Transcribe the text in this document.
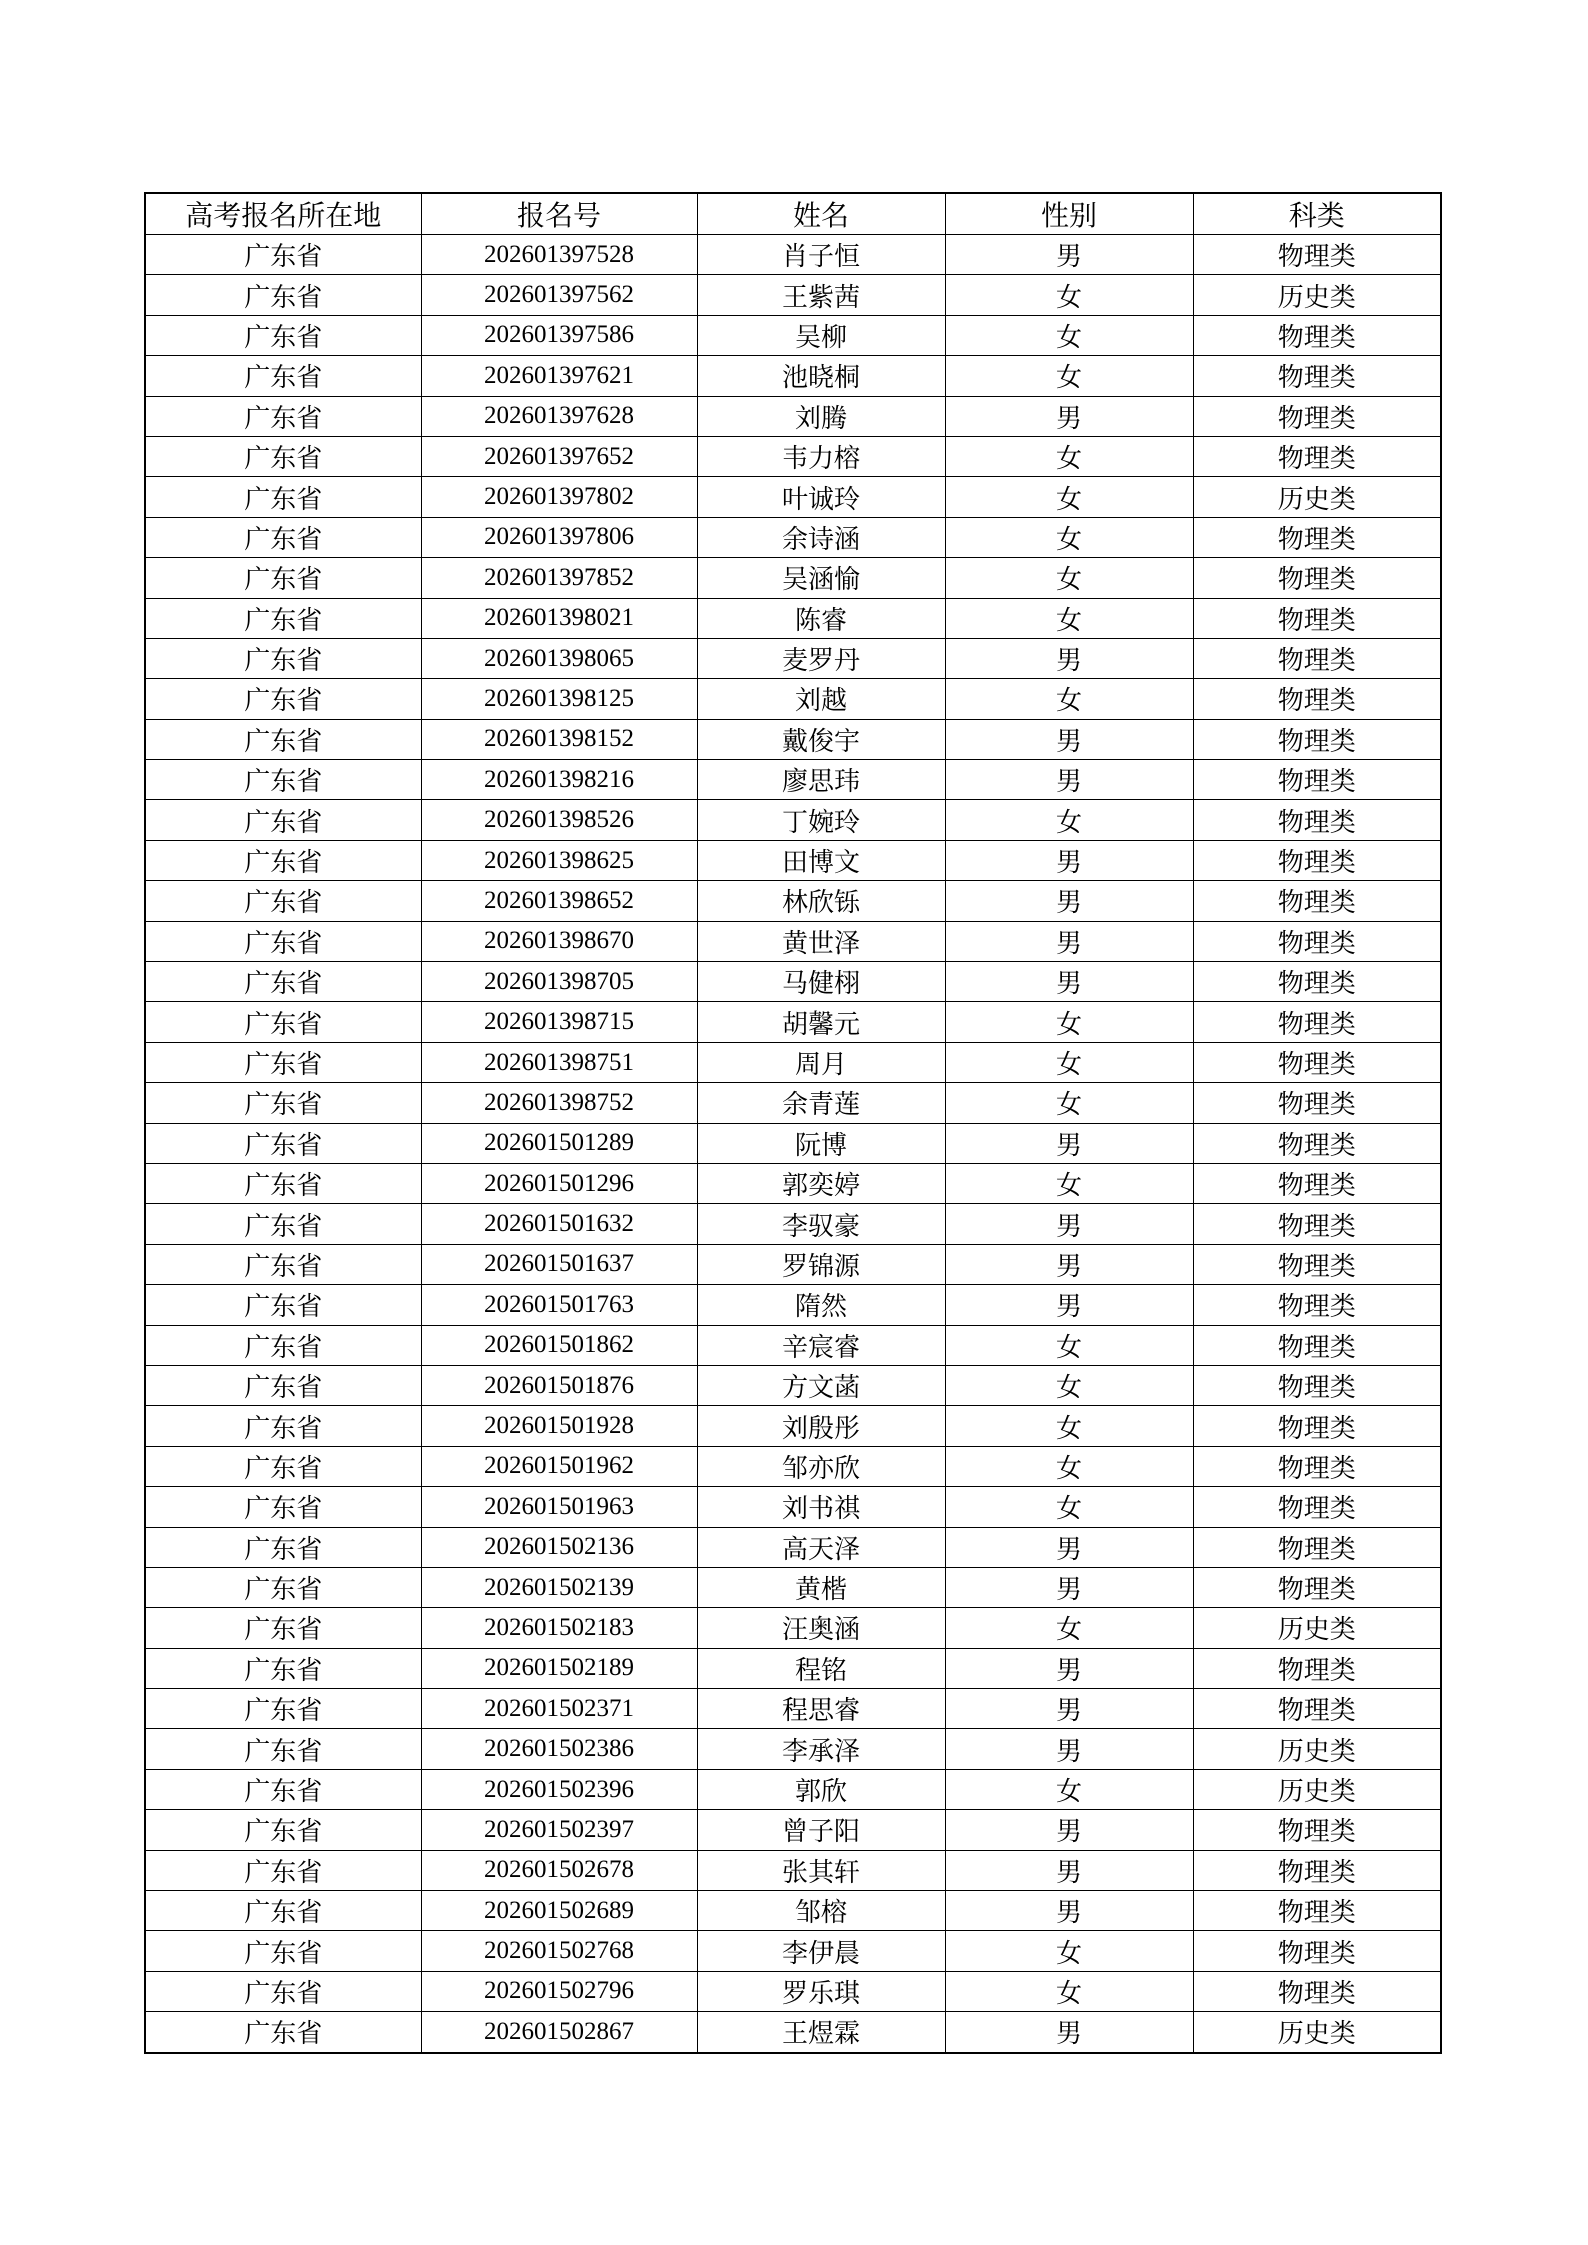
高考报名所在地	报名号	姓名	性别	科类
广东省	202601397528	肖子恒	男	物理类
广东省	202601397562	王紫茜	女	历史类
广东省	202601397586	吴柳	女	物理类
广东省	202601397621	池晓桐	女	物理类
广东省	202601397628	刘腾	男	物理类
广东省	202601397652	韦力榕	女	物理类
广东省	202601397802	叶诚玲	女	历史类
广东省	202601397806	余诗涵	女	物理类
广东省	202601397852	吴涵愉	女	物理类
广东省	202601398021	陈睿	女	物理类
广东省	202601398065	麦罗丹	男	物理类
广东省	202601398125	刘越	女	物理类
广东省	202601398152	戴俊宇	男	物理类
广东省	202601398216	廖思玮	男	物理类
广东省	202601398526	丁婉玲	女	物理类
广东省	202601398625	田博文	男	物理类
广东省	202601398652	林欣铄	男	物理类
广东省	202601398670	黄世泽	男	物理类
广东省	202601398705	马健栩	男	物理类
广东省	202601398715	胡馨元	女	物理类
广东省	202601398751	周月	女	物理类
广东省	202601398752	余青莲	女	物理类
广东省	202601501289	阮博	男	物理类
广东省	202601501296	郭奕婷	女	物理类
广东省	202601501632	李驭豪	男	物理类
广东省	202601501637	罗锦源	男	物理类
广东省	202601501763	隋然	男	物理类
广东省	202601501862	辛宸睿	女	物理类
广东省	202601501876	方文菡	女	物理类
广东省	202601501928	刘殷彤	女	物理类
广东省	202601501962	邹亦欣	女	物理类
广东省	202601501963	刘书祺	女	物理类
广东省	202601502136	高天泽	男	物理类
广东省	202601502139	黄楷	男	物理类
广东省	202601502183	汪奥涵	女	历史类
广东省	202601502189	程铭	男	物理类
广东省	202601502371	程思睿	男	物理类
广东省	202601502386	李承泽	男	历史类
广东省	202601502396	郭欣	女	历史类
广东省	202601502397	曾子阳	男	物理类
广东省	202601502678	张其轩	男	物理类
广东省	202601502689	邹榕	男	物理类
广东省	202601502768	李伊晨	女	物理类
广东省	202601502796	罗乐琪	女	物理类
广东省	202601502867	王煜霖	男	历史类
